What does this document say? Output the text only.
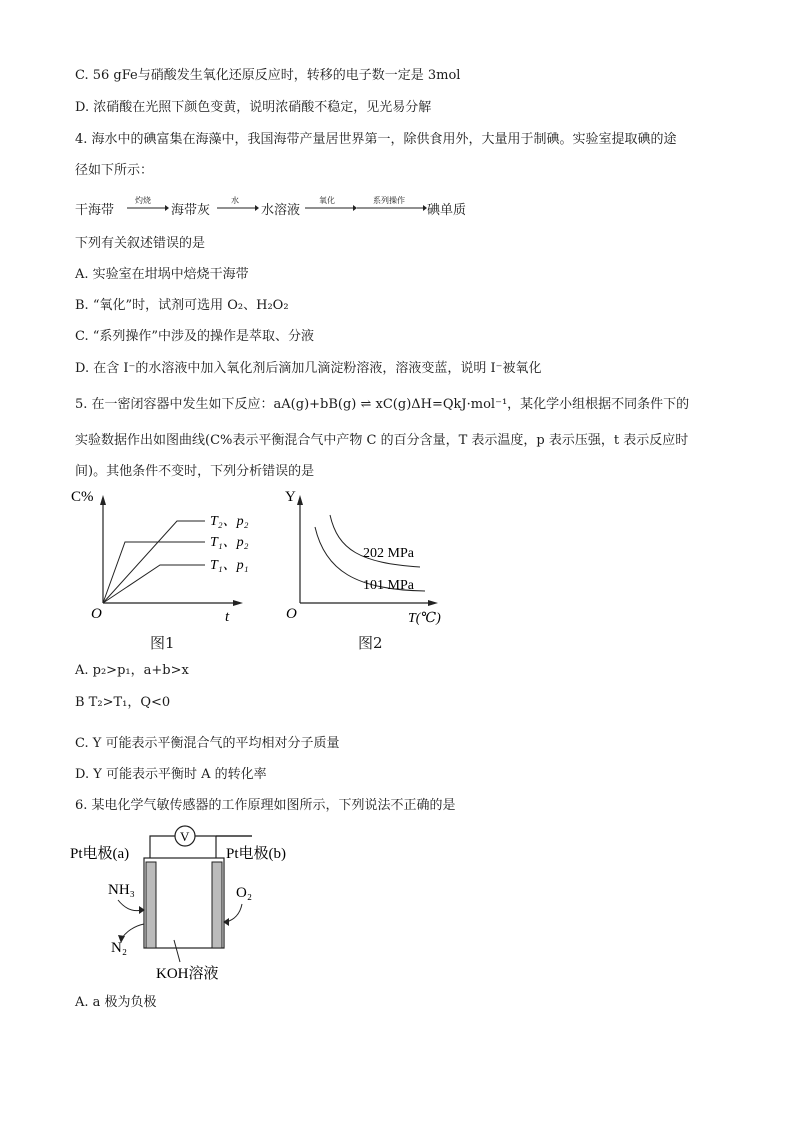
C. 56 gFe与硝酸发生氧化还原反应时，转移的电子数一定是 3mol
D. 浓硝酸在光照下颜色变黄，说明浓硝酸不稳定，见光易分解
4. 海水中的碘富集在海藻中，我国海带产量居世界第一，除供食用外，大量用于制碘。实验室提取碘的途
径如下所示：
干海带
灼烧
海带灰
水
水溶液
氧化	系列操作
碘单质
下列有关叙述错误的是
A. 实验室在坩埚中焙烧干海带
B. “氧化”时，试剂可选用 O₂、H₂O₂
C. “系列操作”中涉及的操作是萃取、分液
D. 在含 I⁻的水溶液中加入氧化剂后滴加几滴淀粉溶液，溶液变蓝，说明 I⁻被氧化
5. 在一密闭容器中发生如下反应：aA(g)+bB(g) ⇌ xC(g)ΔH=QkJ·mol⁻¹，某化学小组根据不同条件下的
实验数据作出如图曲线(C%表示平衡混合气中产物 C 的百分含量，T 表示温度，p 表示压强，t 表示反应时
间)。其他条件不变时，下列分析错误的是
C%
t
O
T₂、p₂
T₁、p₂
T₁、p₁
图1
Y
T(℃)
O
202 MPa
101 MPa
图2
A. p₂>p₁，a+b>x
B T₂>T₁，Q<0
C. Y 可能表示平衡混合气的平均相对分子质量
D. Y 可能表示平衡时 A 的转化率
6. 某电化学气敏传感器的工作原理如图所示，下列说法不正确的是
V
Pt电极(a)	Pt电极(b)
NH₃
N₂
O₂
KOH溶液
A. a 极为负极
